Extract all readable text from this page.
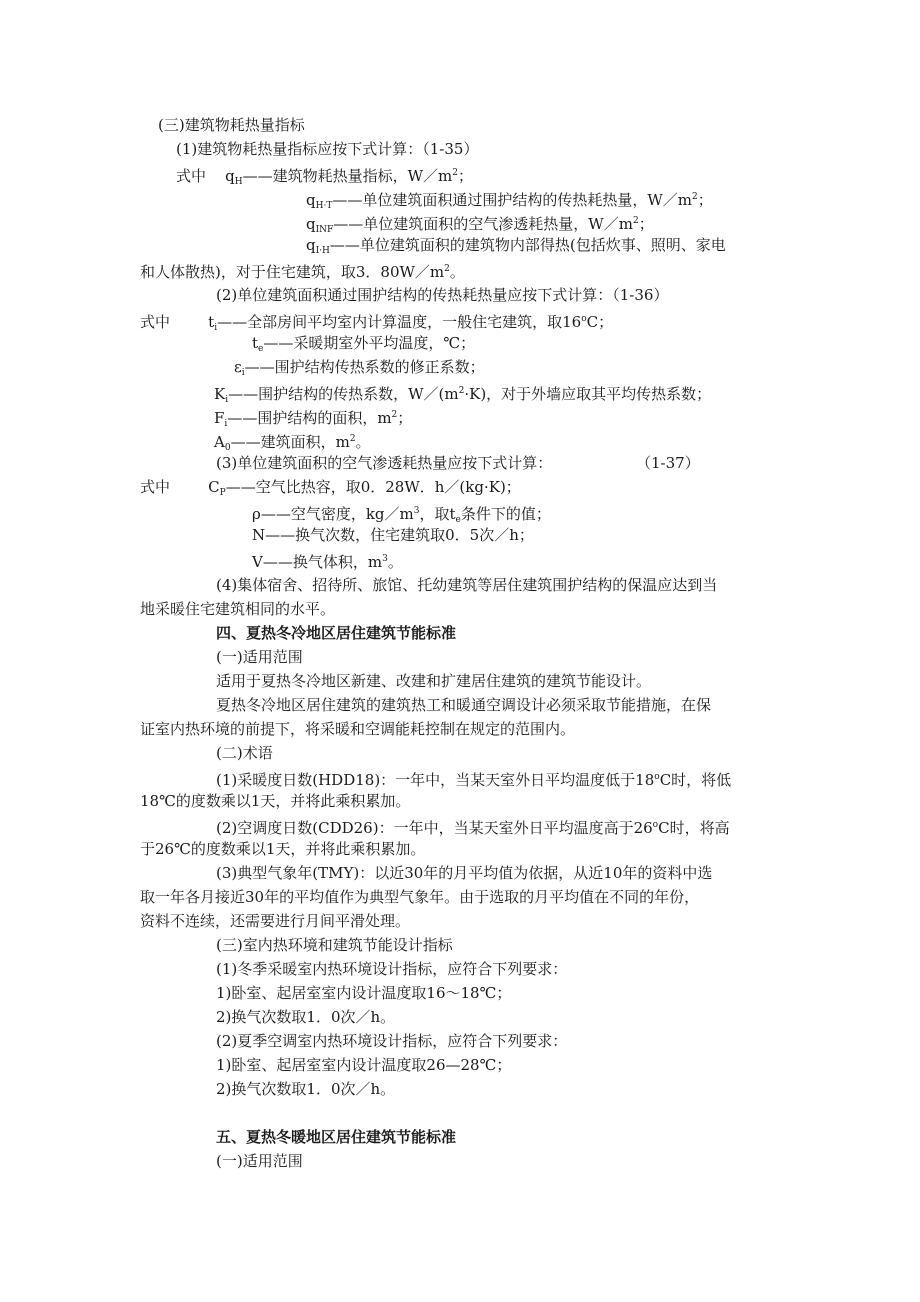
(三)建筑物耗热量指标
(1)建筑物耗热量指标应按下式计算：（1-35）
式中 $q_H——$建筑物耗热量指标，$W/m^2$；
$q_{H\cdot T}——$单位建筑面积通过围护结构的传热耗热量，$W/m^2$；
$q_{INF}——$单位建筑面积的空气渗透耗热量，$W/m^2$；
$q_{I\cdot H}——$单位建筑面积的建筑物内部得热(包括炊事、照明、家电
和人体散热)，对于住宅建筑，取3．$80W/m^2$。
(2)单位建筑面积通过围护结构的传热耗热量应按下式计算：（1-36）
式中	$t_i——$全部房间平均室内计算温度，一般住宅建筑，取16$^o$C；
$t_e——$采暖期室外平均温度，℃；
$\varepsilon_i——$围护结构传热系数的修正系数；
$K_i——$围护结构的传热系数，$W/(m^2\cdot K)$，对于外墙应取其平均传热系数；
$F_i——$围护结构的面积，$m^2$；
$A_0——$建筑面积，$m^2$。
(3)单位建筑面积的空气渗透耗热量应按下式计算：	（1-37）
式中	$C_P——$空气比热容，取0．28W．h／(kg·K)；
ρ——空气密度，$kg/m^3$，取$t_e$条件下的值；
N——换气次数，住宅建筑取0．5次／h；
V——换气体积，$m^3$。
(4)集体宿舍、招待所、旅馆、托幼建筑等居住建筑围护结构的保温应达到当
地采暖住宅建筑相同的水平。
四、夏热冬冷地区居住建筑节能标准
(一)适用范围
适用于夏热冬冷地区新建、改建和扩建居住建筑的建筑节能设计。
夏热冬冷地区居住建筑的建筑热工和暖通空调设计必须采取节能措施，在保
证室内热环境的前提下，将采暖和空调能耗控制在规定的范围内。
(二)术语
(1)采暖度日数(HDD18)：一年中，当某天室外日平均温度低于18$^o$C时，将低
18℃的度数乘以1天，并将此乘积累加。
(2)空调度日数(CDD26)：一年中，当某天室外日平均温度高于26$^o$C时，将高
于26℃的度数乘以1天，并将此乘积累加。
(3)典型气象年(TMY)：以近30年的月平均值为依据，从近10年的资料中选
取一年各月接近30年的平均值作为典型气象年。由于选取的月平均值在不同的年份，
资料不连续，还需要进行月间平滑处理。
(三)室内热环境和建筑节能设计指标
(1)冬季采暖室内热环境设计指标，应符合下列要求：
1)卧室、起居室室内设计温度取16～18℃；
2)换气次数取1．0次／h。
(2)夏季空调室内热环境设计指标，应符合下列要求：
1)卧室、起居室室内设计温度取26—28℃；
2)换气次数取1．0次／h。
五、夏热冬暖地区居住建筑节能标准
(一)适用范围
